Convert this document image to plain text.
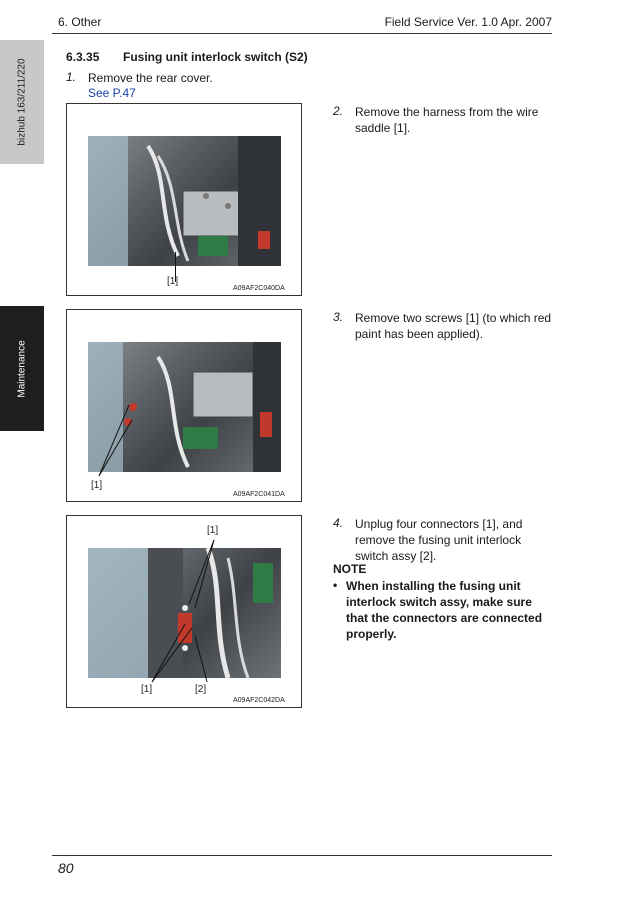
6. Other	Field Service Ver. 1.0 Apr. 2007
bizhub 163/211/220
Maintenance
6.3.35 Fusing unit interlock switch (S2)
1. Remove the rear cover.
See P.47
[1]
A09AF2C040DA
2. Remove the harness from the wire
saddle [1].
[1]
A09AF2C041DA
3. Remove two screws [1] (to which red
paint has been applied).
[1]
[1]	[2]
A09AF2C042DA
4. Unplug four connectors [1], and
remove the fusing unit interlock
switch assy [2].
NOTE
• When installing the fusing unit
interlock switch assy, make sure
that the connectors are connected
properly.
80
